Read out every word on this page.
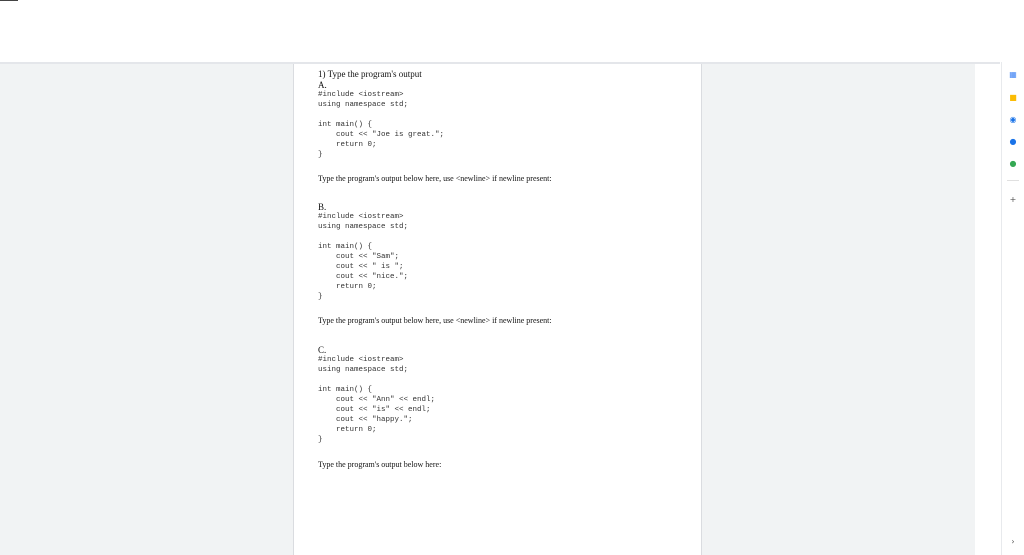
1) Type the program's output
A.
#include <iostream>
using namespace std;

int main() {
cout << "Joe is great.";
return 0;
}
Type the program's output below here, use <newline> if newline present:
B.
#include <iostream>
using namespace std;

int main() {
cout << "Sam";
cout << " is ";
cout << "nice.";
return 0;
}
Type the program's output below here, use <newline> if newline present:
C.
#include <iostream>
using namespace std;

int main() {
cout << "Ann" << endl;
cout << "is" << endl;
cout << "happy.";
return 0;
}
Type the program's output below here:
▦
■
◉
●
●
+
›
